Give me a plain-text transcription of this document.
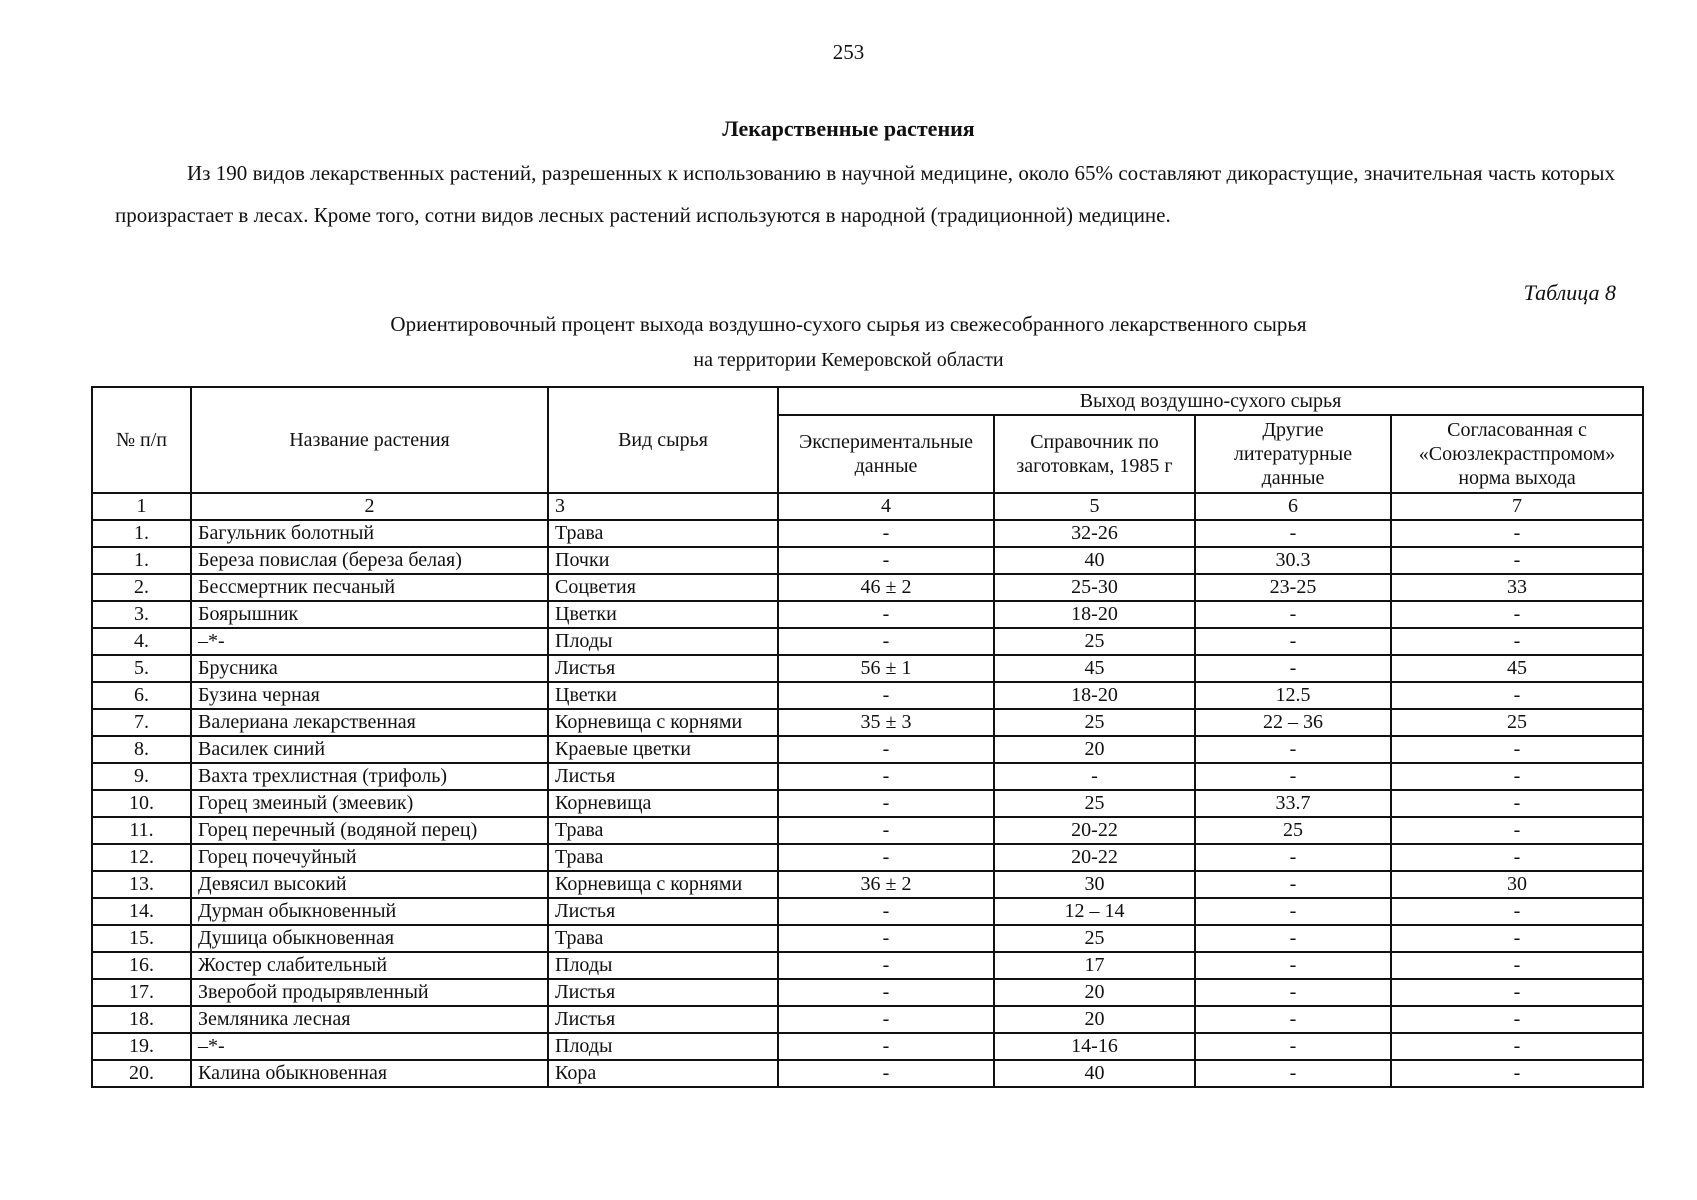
253
Лекарственные растения

Из 190 видов лекарственных растений, разрешенных к использованию в научной медицине, около 65% составляют дикорастущие, значительная часть которых произрастает в лесах. Кроме того, сотни видов лесных растений используются в народной (традиционной) медицине.

Таблица 8
Ориентировочный процент выхода воздушно-сухого сырья из свежесобранного лекарственного сырья
на территории Кемеровской области
№ п/п	Название растения	Вид сырья	Выход воздушно-сухого сырья			
			Экспериментальные данные	Справочник по заготовкам, 1985 г	Другие литературные данные	Согласованная с «Союзлекрастпромом» норма выхода
1	2	3	4	5	6	7
1.	Багульник болотный	Трава	-	32-26	-	-
1.	Береза повислая (береза белая)	Почки	-	40	30.3	-
2.	Бессмертник песчаный	Соцветия	46 ± 2	25-30	23-25	33
3.	Боярышник	Цветки	-	18-20	-	-
4.	–*-	Плоды	-	25	-	-
5.	Брусника	Листья	56 ± 1	45	-	45
6.	Бузина черная	Цветки	-	18-20	12.5	-
7.	Валериана лекарственная	Корневища с корнями	35 ± 3	25	22 – 36	25
8.	Василек синий	Краевые цветки	-	20	-	-
9.	Вахта трехлистная (трифоль)	Листья	-	-	-	-
10.	Горец змеиный (змеевик)	Корневища	-	25	33.7	-
11.	Горец перечный (водяной перец)	Трава	-	20-22	25	-
12.	Горец почечуйный	Трава	-	20-22	-	-
13.	Девясил высокий	Корневища с корнями	36 ± 2	30	-	30
14.	Дурман обыкновенный	Листья	-	12 – 14	-	-
15.	Душица обыкновенная	Трава	-	25	-	-
16.	Жостер слабительный	Плоды	-	17	-	-
17.	Зверобой продырявленный	Листья	-	20	-	-
18.	Земляника лесная	Листья	-	20	-	-
19.	–*-	Плоды	-	14-16	-	-
20.	Калина обыкновенная	Кора	-	40	-	-
